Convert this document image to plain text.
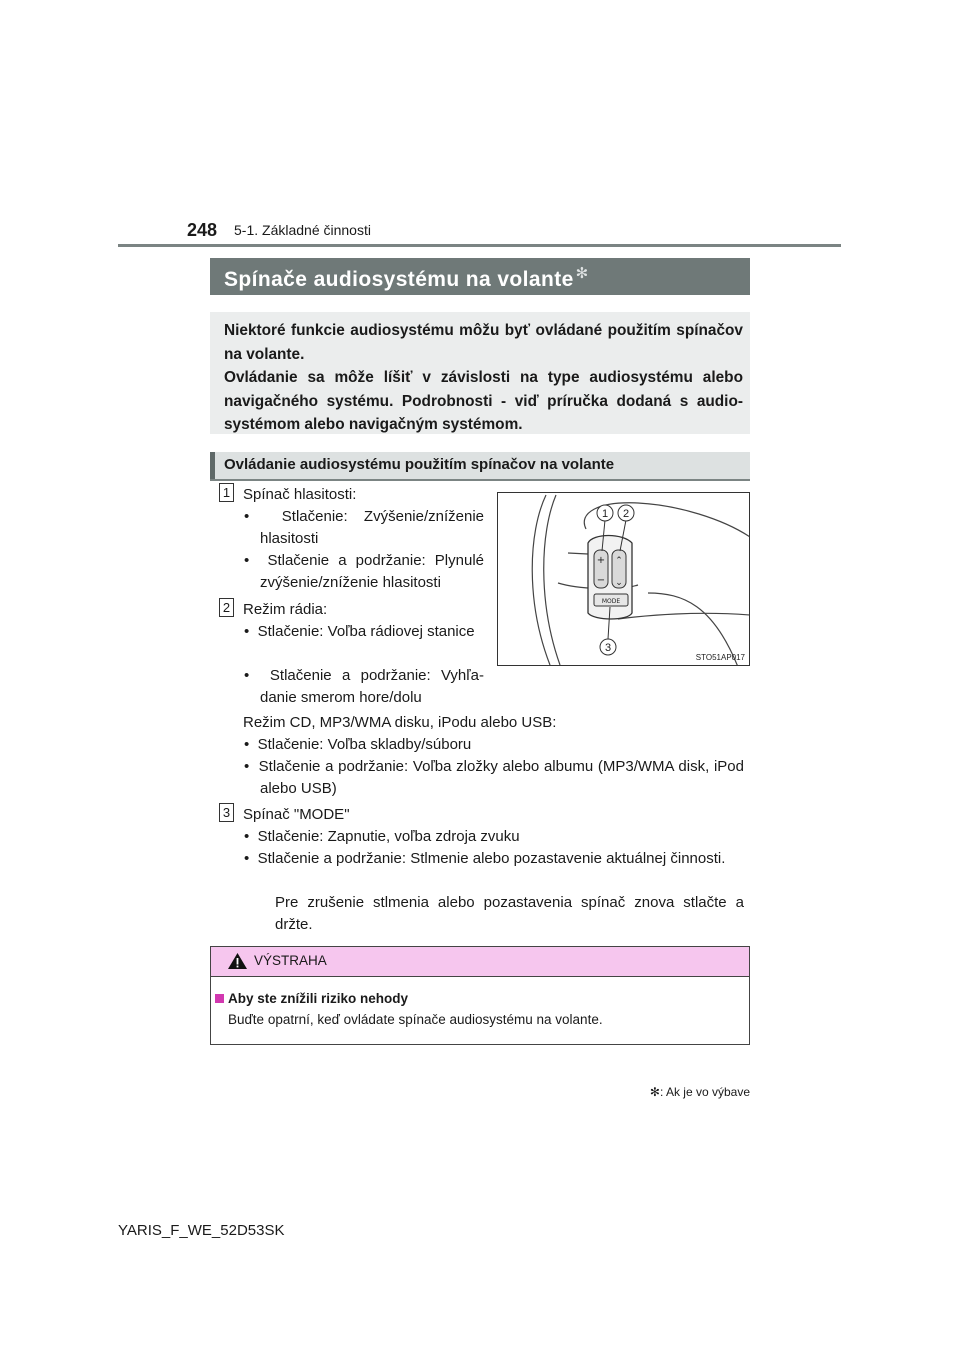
248 5-1. Základné činnosti
Spínače audiosystému na volante ✻

Niektoré funkcie audiosystému môžu byť ovládané použitím spínačov na volante.

Ovládanie sa môže líšiť v závislosti na type audiosystému alebo navigačného systému. Podrobnosti - viď príručka dodaná s audiosystémom alebo navigačným systémom.

Ovládanie audiosystému použitím spínačov na volante
1 Spínač hlasitosti:
•  Stlačenie: Zvýšenie/zníženie hlasitosti
•  Stlačenie a podržanie: Plynulé zvýšenie/zníženie hlasitosti
2 Režim rádia:
•  Stlačenie: Voľba rádiovej stanice
•  Stlačenie a podržanie: Vyhľadanie smerom hore/dolu
Režim CD, MP3/WMA disku, iPodu alebo USB:
•  Stlačenie: Voľba skladby/súboru
•  Stlačenie a podržanie: Voľba zložky alebo albumu (MP3/WMA disk, iPod alebo USB)
3 Spínač "MODE"
•  Stlačenie: Zapnutie, voľba zdroja zvuku
•  Stlačenie a podržanie: Stlmenie alebo pozastavenie aktuálnej činnosti.
Pre zrušenie stlmenia alebo pozastavenia spínač znova stlačte a držte.
+
−
⌃
⌄
MODE
1 2
3
STO51AP017
VÝSTRAHA
Aby ste znížili riziko nehody
Buďte opatrní, keď ovládate spínače audiosystému na volante.
✻: Ak je vo výbave
YARIS_F_WE_52D53SK
